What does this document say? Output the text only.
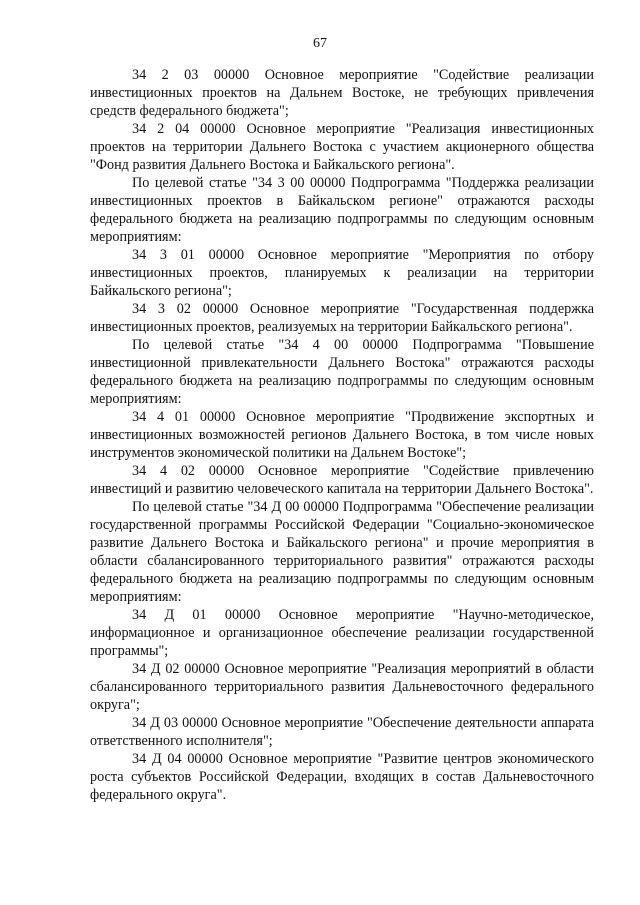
67

34 2 03 00000 Основное мероприятие "Содействие реализации инвестиционных проектов на Дальнем Востоке, не требующих привлечения средств федерального бюджета";

34 2 04 00000 Основное мероприятие "Реализация инвестиционных проектов на территории Дальнего Востока с участием акционерного общества "Фонд развития Дальнего Востока и Байкальского региона".

По целевой статье "34 3 00 00000 Подпрограмма "Поддержка реализации инвестиционных проектов в Байкальском регионе" отражаются расходы федерального бюджета на реализацию подпрограммы по следующим основным мероприятиям:

34 3 01 00000 Основное мероприятие "Мероприятия по отбору инвестиционных проектов, планируемых к реализации на территории Байкальского региона";

34 3 02 00000 Основное мероприятие "Государственная поддержка инвестиционных проектов, реализуемых на территории Байкальского региона".

По целевой статье "34 4 00 00000 Подпрограмма "Повышение инвестиционной привлекательности Дальнего Востока" отражаются расходы федерального бюджета на реализацию подпрограммы по следующим основным мероприятиям:

34 4 01 00000 Основное мероприятие "Продвижение экспортных и инвестиционных возможностей регионов Дальнего Востока, в том числе новых инструментов экономической политики на Дальнем Востоке";

34 4 02 00000 Основное мероприятие "Содействие привлечению инвестиций и развитию человеческого капитала на территории Дальнего Востока".

По целевой статье "34 Д 00 00000 Подпрограмма "Обеспечение реализации государственной программы Российской Федерации "Социально-экономическое развитие Дальнего Востока и Байкальского региона" и прочие мероприятия в области сбалансированного территориального развития" отражаются расходы федерального бюджета на реализацию подпрограммы по следующим основным мероприятиям:

34 Д 01 00000 Основное мероприятие "Научно-методическое, информационное и организационное обеспечение реализации государственной программы";

34 Д 02 00000 Основное мероприятие "Реализация мероприятий в области сбалансированного территориального развития Дальневосточного федерального округа";

34 Д 03 00000 Основное мероприятие "Обеспечение деятельности аппарата ответственного исполнителя";

34 Д 04 00000 Основное мероприятие "Развитие центров экономического роста субъектов Российской Федерации, входящих в состав Дальневосточного федерального округа".
